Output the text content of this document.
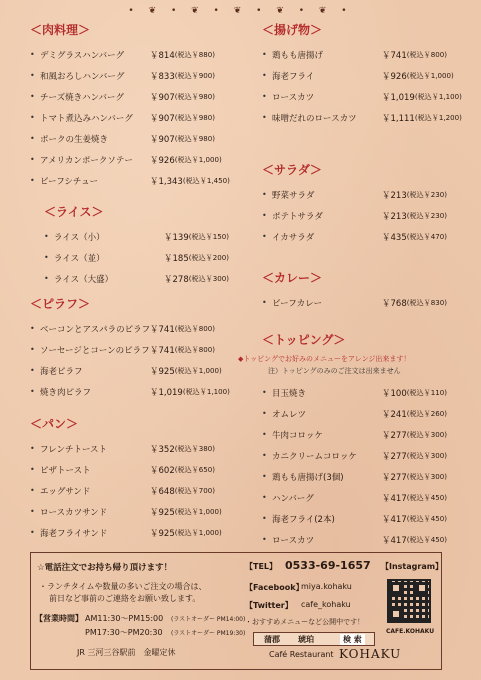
• ❦ • ❦ • ❦ • ❦ • ❦ •
＜肉料理＞
• デミグラスハンバーグ	￥814 (税込￥880)
• 和風おろしハンバーグ	￥833 (税込￥900)
• チーズ焼きハンバーグ	￥907 (税込￥980)
• トマト煮込みハンバーグ	￥907 (税込￥980)
• ポークの生姜焼き	￥907 (税込￥980)
• アメリカンポークソテー	￥926 (税込￥1,000)
• ビーフシチュー	￥1,343 (税込￥1,450)
＜ライス＞
• ライス（小）	￥139 (税込￥150)
• ライス（並）	￥185 (税込￥200)
• ライス（大盛）	￥278 (税込￥300)
＜ピラフ＞
• ベーコンとアスパラのピラフ ￥741 (税込￥800)
• ソーセージとコーンのピラフ ￥741 (税込￥800)
• 海老ピラフ	￥925 (税込￥1,000)
• 焼き肉ピラフ	￥1,019 (税込￥1,100)
＜パン＞
• フレンチトースト	￥352 (税込￥380)
• ピザトースト	￥602 (税込￥650)
• エッグサンド	￥648 (税込￥700)
• ロースカツサンド	￥925 (税込￥1,000)
• 海老フライサンド	￥925 (税込￥1,000)
＜揚げ物＞
• 鶏もも唐揚げ	￥741 (税込￥800)
• 海老フライ	￥926 (税込￥1,000)
• ロースカツ	￥1,019 (税込￥1,100)
• 味噌だれのロースカツ	￥1,111 (税込￥1,200)
＜サラダ＞
• 野菜サラダ	￥213 (税込￥230)
• ポテトサラダ	￥213 (税込￥230)
• イカサラダ	￥435 (税込￥470)
＜カレー＞
• ビーフカレー	￥768 (税込￥830)
＜トッピング＞
◆トッピングでお好みのメニューをアレンジ出来ます！
注）トッピングのみのご注文は出来ません
• 目玉焼き	￥100 (税込￥110)
• オムレツ	￥241 (税込￥260)
• 牛肉コロッケ	￥277 (税込￥300)
• カニクリームコロッケ	￥277 (税込￥300)
• 鶏もも唐揚げ(3個)	￥277 (税込￥300)
• ハンバーグ	￥417 (税込￥450)
• 海老フライ(2本)	￥417 (税込￥450)
• ロースカツ	￥417 (税込￥450)
☆電話注文でお持ち帰り頂けます！
・ランチタイムや数量の多いご注文の場合は、
前日など事前のご連絡をお願い致します。
【営業時間】 AM11:30～PM15:00 (ラストオーダー PM14:00)
PM17:30～PM20:30 (ラストオーダー PM19:30)
JR 三河三谷駅前　金曜定休
【TEL】 0533-69-1657
【Facebook】
miya.kohaku
【Twitter】 cafe_kohaku
・おすすめメニューなど公開中です！
蒲郡 琥珀	検 索
Café Restaurant KOHAKU
【Instagram】
CAFE.KOHAKU
